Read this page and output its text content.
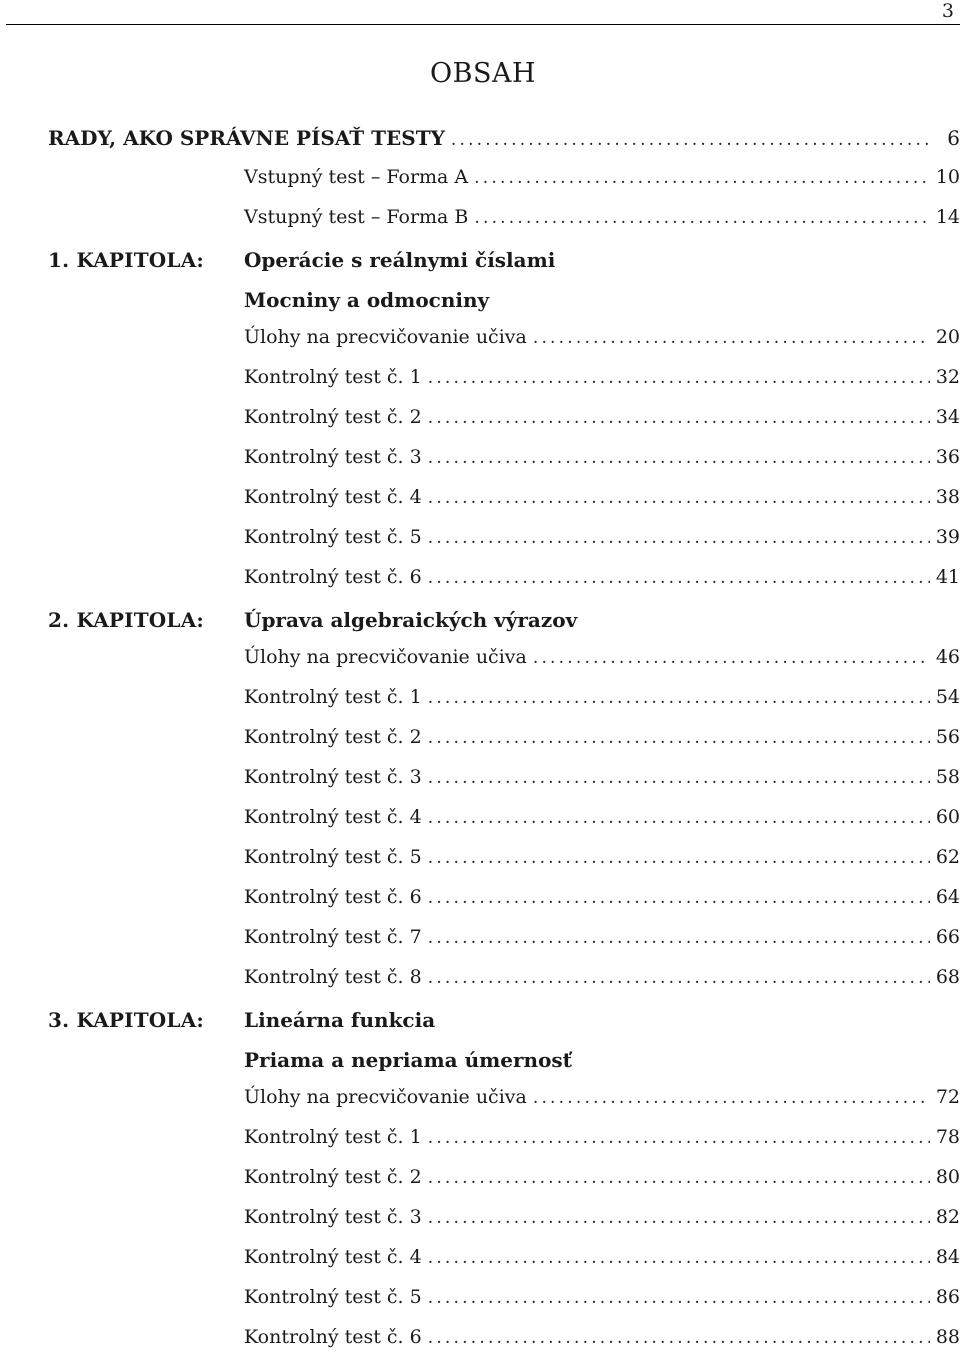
3
OBSAH
RADY, AKO SPRÁVNE PÍSAŤ TESTY .....	6
Vstupný test – Forma A .....	10
Vstupný test – Forma B .....	14
1. KAPITOLA: Operácie s reálnymi číslami
Mocniny a odmocniny
Úlohy na precvičovanie učiva .....	20
Kontrolný test č. 1 .....	32
Kontrolný test č. 2 .....	34
Kontrolný test č. 3 .....	36
Kontrolný test č. 4 .....	38
Kontrolný test č. 5 .....	39
Kontrolný test č. 6 .....	41
2. KAPITOLA: Úprava algebraických výrazov
Úlohy na precvičovanie učiva .....	46
Kontrolný test č. 1 .....	54
Kontrolný test č. 2 .....	56
Kontrolný test č. 3 .....	58
Kontrolný test č. 4 .....	60
Kontrolný test č. 5 .....	62
Kontrolný test č. 6 .....	64
Kontrolný test č. 7 .....	66
Kontrolný test č. 8 .....	68
3. KAPITOLA: Lineárna funkcia
Priama a nepriama úmernosť
Úlohy na precvičovanie učiva .....	72
Kontrolný test č. 1 .....	78
Kontrolný test č. 2 .....	80
Kontrolný test č. 3 .....	82
Kontrolný test č. 4 .....	84
Kontrolný test č. 5 .....	86
Kontrolný test č. 6 .....	88
